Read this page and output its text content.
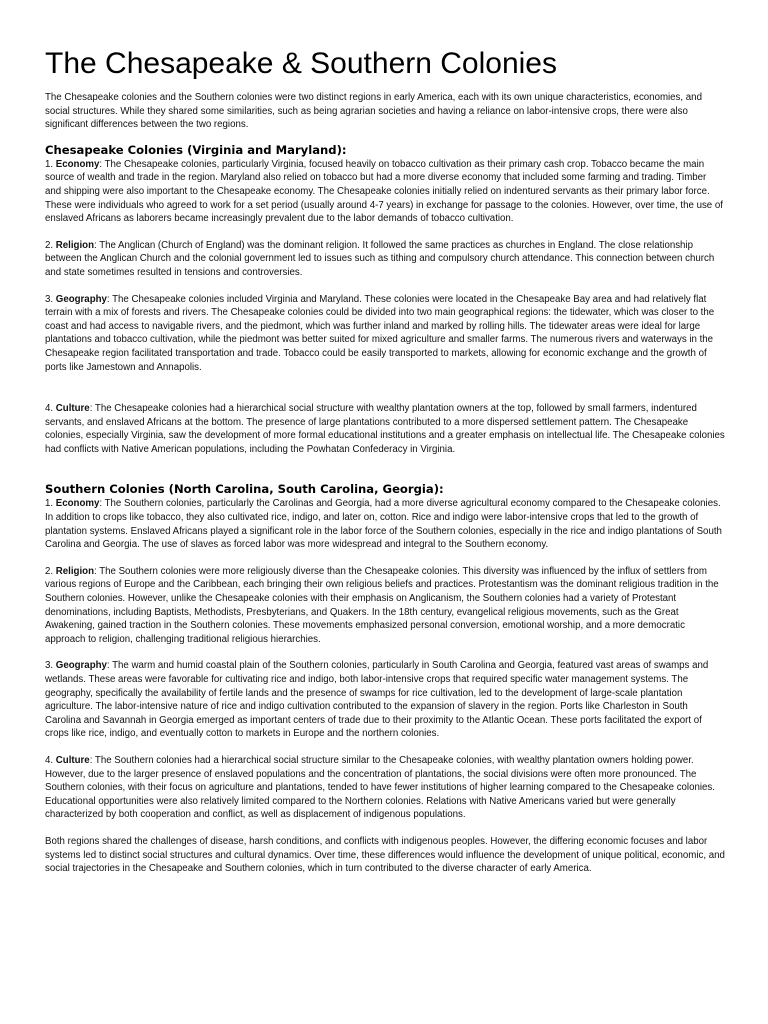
The Chesapeake & Southern Colonies

The Chesapeake colonies and the Southern colonies were two distinct regions in early America, each with its own unique characteristics, economies, and social structures. While they shared some similarities, such as being agrarian societies and having a reliance on labor-intensive crops, there were also significant differences between the two regions.

Chesapeake Colonies (Virginia and Maryland):

1. Economy: The Chesapeake colonies, particularly Virginia, focused heavily on tobacco cultivation as their primary cash crop. Tobacco became the main source of wealth and trade in the region. Maryland also relied on tobacco but had a more diverse economy that included some farming and trading. Timber and shipping were also important to the Chesapeake economy. The Chesapeake colonies initially relied on indentured servants as their primary labor force. These were individuals who agreed to work for a set period (usually around 4-7 years) in exchange for passage to the colonies. However, over time, the use of enslaved Africans as laborers became increasingly prevalent due to the labor demands of tobacco cultivation.

2. Religion: The Anglican (Church of England) was the dominant religion. It followed the same practices as churches in England. The close relationship between the Anglican Church and the colonial government led to issues such as tithing and compulsory church attendance. This connection between church and state sometimes resulted in tensions and controversies.

3. Geography: The Chesapeake colonies included Virginia and Maryland. These colonies were located in the Chesapeake Bay area and had relatively flat terrain with a mix of forests and rivers. The Chesapeake colonies could be divided into two main geographical regions: the tidewater, which was closer to the coast and had access to navigable rivers, and the piedmont, which was further inland and marked by rolling hills. The tidewater areas were ideal for large plantations and tobacco cultivation, while the piedmont was better suited for mixed agriculture and smaller farms. The numerous rivers and waterways in the Chesapeake region facilitated transportation and trade. Tobacco could be easily transported to markets, allowing for economic exchange and the growth of ports like Jamestown and Annapolis.

4. Culture: The Chesapeake colonies had a hierarchical social structure with wealthy plantation owners at the top, followed by small farmers, indentured servants, and enslaved Africans at the bottom. The presence of large plantations contributed to a more dispersed settlement pattern. The Chesapeake colonies, especially Virginia, saw the development of more formal educational institutions and a greater emphasis on intellectual life. The Chesapeake colonies had conflicts with Native American populations, including the Powhatan Confederacy in Virginia.

Southern Colonies (North Carolina, South Carolina, Georgia):

1. Economy: The Southern colonies, particularly the Carolinas and Georgia, had a more diverse agricultural economy compared to the Chesapeake colonies. In addition to crops like tobacco, they also cultivated rice, indigo, and later on, cotton. Rice and indigo were labor-intensive crops that led to the growth of plantation systems. Enslaved Africans played a significant role in the labor force of the Southern colonies, especially in the rice and indigo plantations of South Carolina and Georgia. The use of slaves as forced labor was more widespread and integral to the Southern economy.

2. Religion: The Southern colonies were more religiously diverse than the Chesapeake colonies. This diversity was influenced by the influx of settlers from various regions of Europe and the Caribbean, each bringing their own religious beliefs and practices. Protestantism was the dominant religious tradition in the Southern colonies. However, unlike the Chesapeake colonies with their emphasis on Anglicanism, the Southern colonies had a variety of Protestant denominations, including Baptists, Methodists, Presbyterians, and Quakers. In the 18th century, evangelical religious movements, such as the Great Awakening, gained traction in the Southern colonies. These movements emphasized personal conversion, emotional worship, and a more democratic approach to religion, challenging traditional religious hierarchies.

3. Geography: The warm and humid coastal plain of the Southern colonies, particularly in South Carolina and Georgia, featured vast areas of swamps and wetlands. These areas were favorable for cultivating rice and indigo, both labor-intensive crops that required specific water management systems. The geography, specifically the availability of fertile lands and the presence of swamps for rice cultivation, led to the development of large-scale plantation agriculture. The labor-intensive nature of rice and indigo cultivation contributed to the expansion of slavery in the region. Ports like Charleston in South Carolina and Savannah in Georgia emerged as important centers of trade due to their proximity to the Atlantic Ocean. These ports facilitated the export of crops like rice, indigo, and eventually cotton to markets in Europe and the northern colonies.

4. Culture: The Southern colonies had a hierarchical social structure similar to the Chesapeake colonies, with wealthy plantation owners holding power. However, due to the larger presence of enslaved populations and the concentration of plantations, the social divisions were often more pronounced. The Southern colonies, with their focus on agriculture and plantations, tended to have fewer institutions of higher learning compared to the Chesapeake colonies. Educational opportunities were also relatively limited compared to the Northern colonies. Relations with Native Americans varied but were generally characterized by both cooperation and conflict, as well as displacement of indigenous populations.

Both regions shared the challenges of disease, harsh conditions, and conflicts with indigenous peoples. However, the differing economic focuses and labor systems led to distinct social structures and cultural dynamics. Over time, these differences would influence the development of unique political, economic, and social trajectories in the Chesapeake and Southern colonies, which in turn contributed to the diverse character of early America.
